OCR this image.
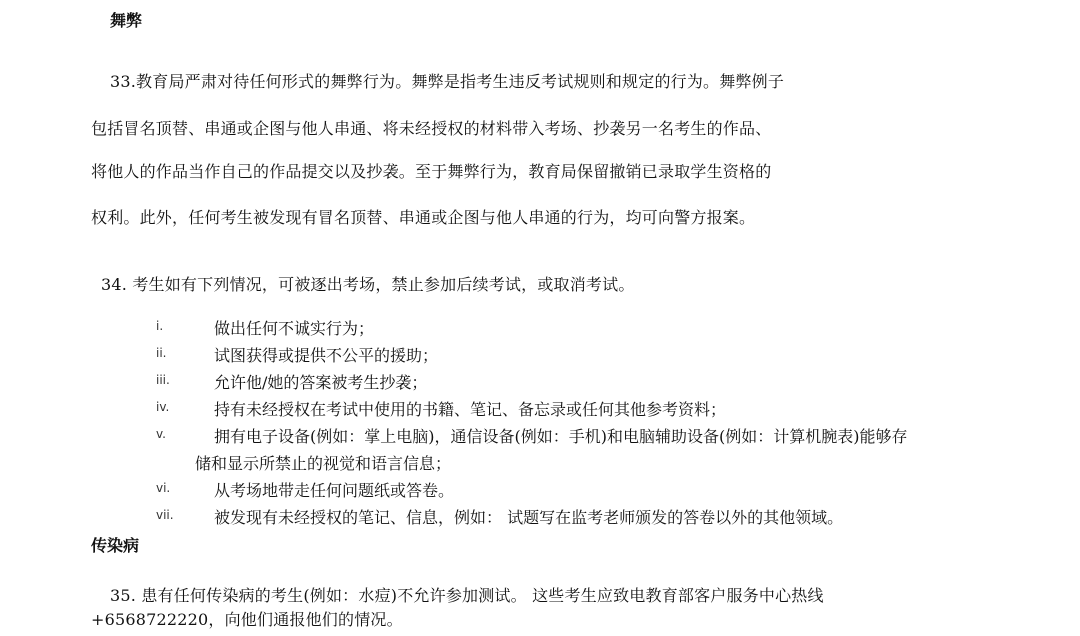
舞弊
33.教育局严肃对待任何形式的舞弊行为。舞弊是指考生违反考试规则和规定的行为。舞弊例子
包括冒名顶替、串通或企图与他人串通、将未经授权的材料带入考场、抄袭另一名考生的作品、
将他人的作品当作自己的作品提交以及抄袭。至于舞弊行为，教育局保留撤销已录取学生资格的
权利。此外，任何考生被发现有冒名顶替、串通或企图与他人串通的行为，均可向警方报案。
34. 考生如有下列情况，可被逐出考场，禁止参加后续考试，或取消考试。
i.	做出任何不诚实行为；
ii.	试图获得或提供不公平的援助；
iii.	允许他/她的答案被考生抄袭；
iv.	持有未经授权在考试中使用的书籍、笔记、备忘录或任何其他参考资料；
v.	拥有电子设备(例如：掌上电脑)，通信设备(例如：手机)和电脑辅助设备(例如：计算机腕表)能够存
储和显示所禁止的视觉和语言信息；
vi.	从考场地带走任何问题纸或答卷。
vii.	被发现有未经授权的笔记、信息，例如： 试题写在监考老师颁发的答卷以外的其他领域。
传染病
35. 患有任何传染病的考生(例如：水痘)不允许参加测试。 这些考生应致电教育部客户服务中心热线
+6568722220，向他们通报他们的情况。
